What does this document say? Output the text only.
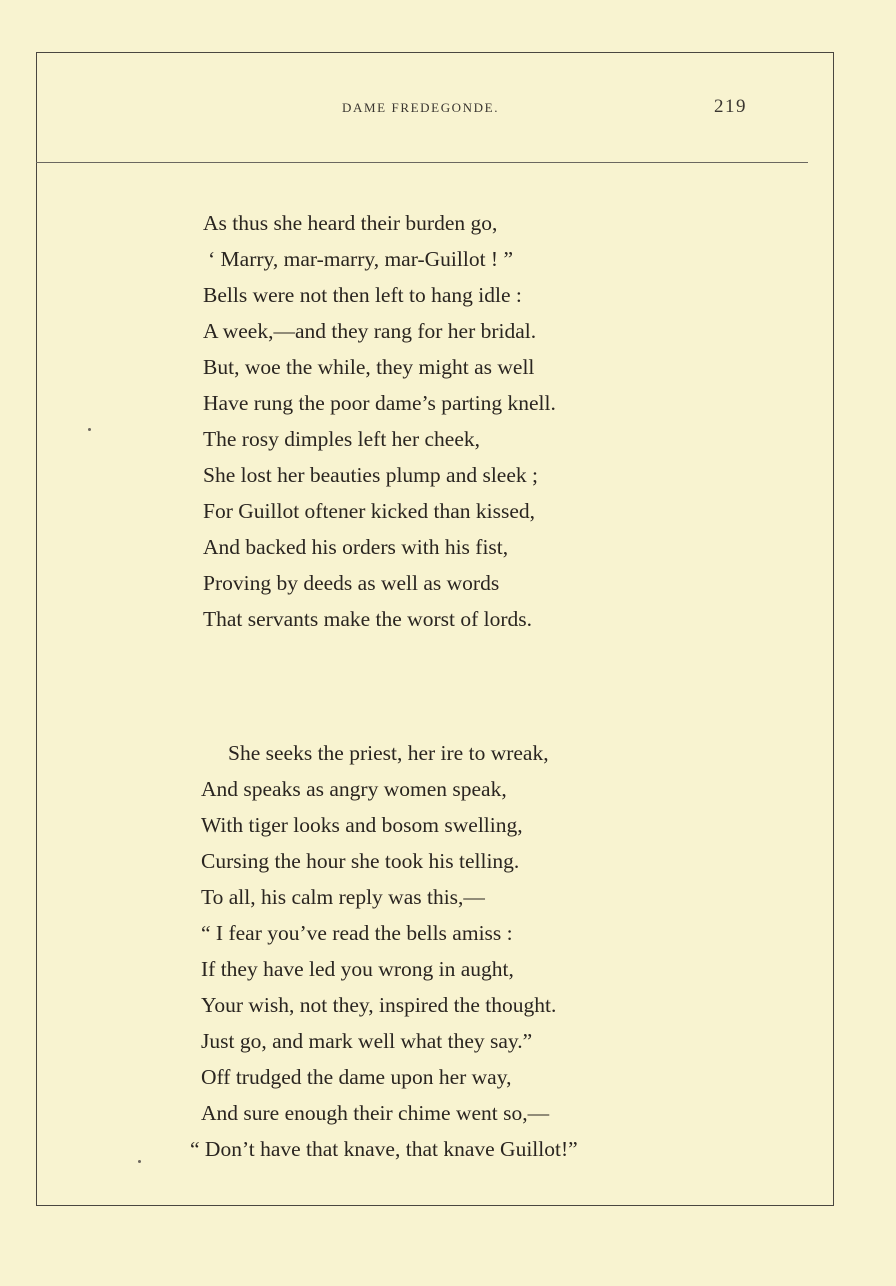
DAME FREDEGONDE.	219
As thus she heard their burden go,
‘ Marry, mar-marry, mar-Guillot ! ”
Bells were not then left to hang idle :
A week,—and they rang for her bridal.
But, woe the while, they might as well
Have rung the poor dame’s parting knell.
The rosy dimples left her cheek,
She lost her beauties plump and sleek ;
For Guillot oftener kicked than kissed,
And backed his orders with his fist,
Proving by deeds as well as words
That servants make the worst of lords.
She seeks the priest, her ire to wreak,
And speaks as angry women speak,
With tiger looks and bosom swelling,
Cursing the hour she took his telling.
To all, his calm reply was this,—
“ I fear you’ve read the bells amiss :
If they have led you wrong in aught,
Your wish, not they, inspired the thought.
Just go, and mark well what they say.”
Off trudged the dame upon her way,
And sure enough their chime went so,—
“ Don’t have that knave, that knave Guillot!”
